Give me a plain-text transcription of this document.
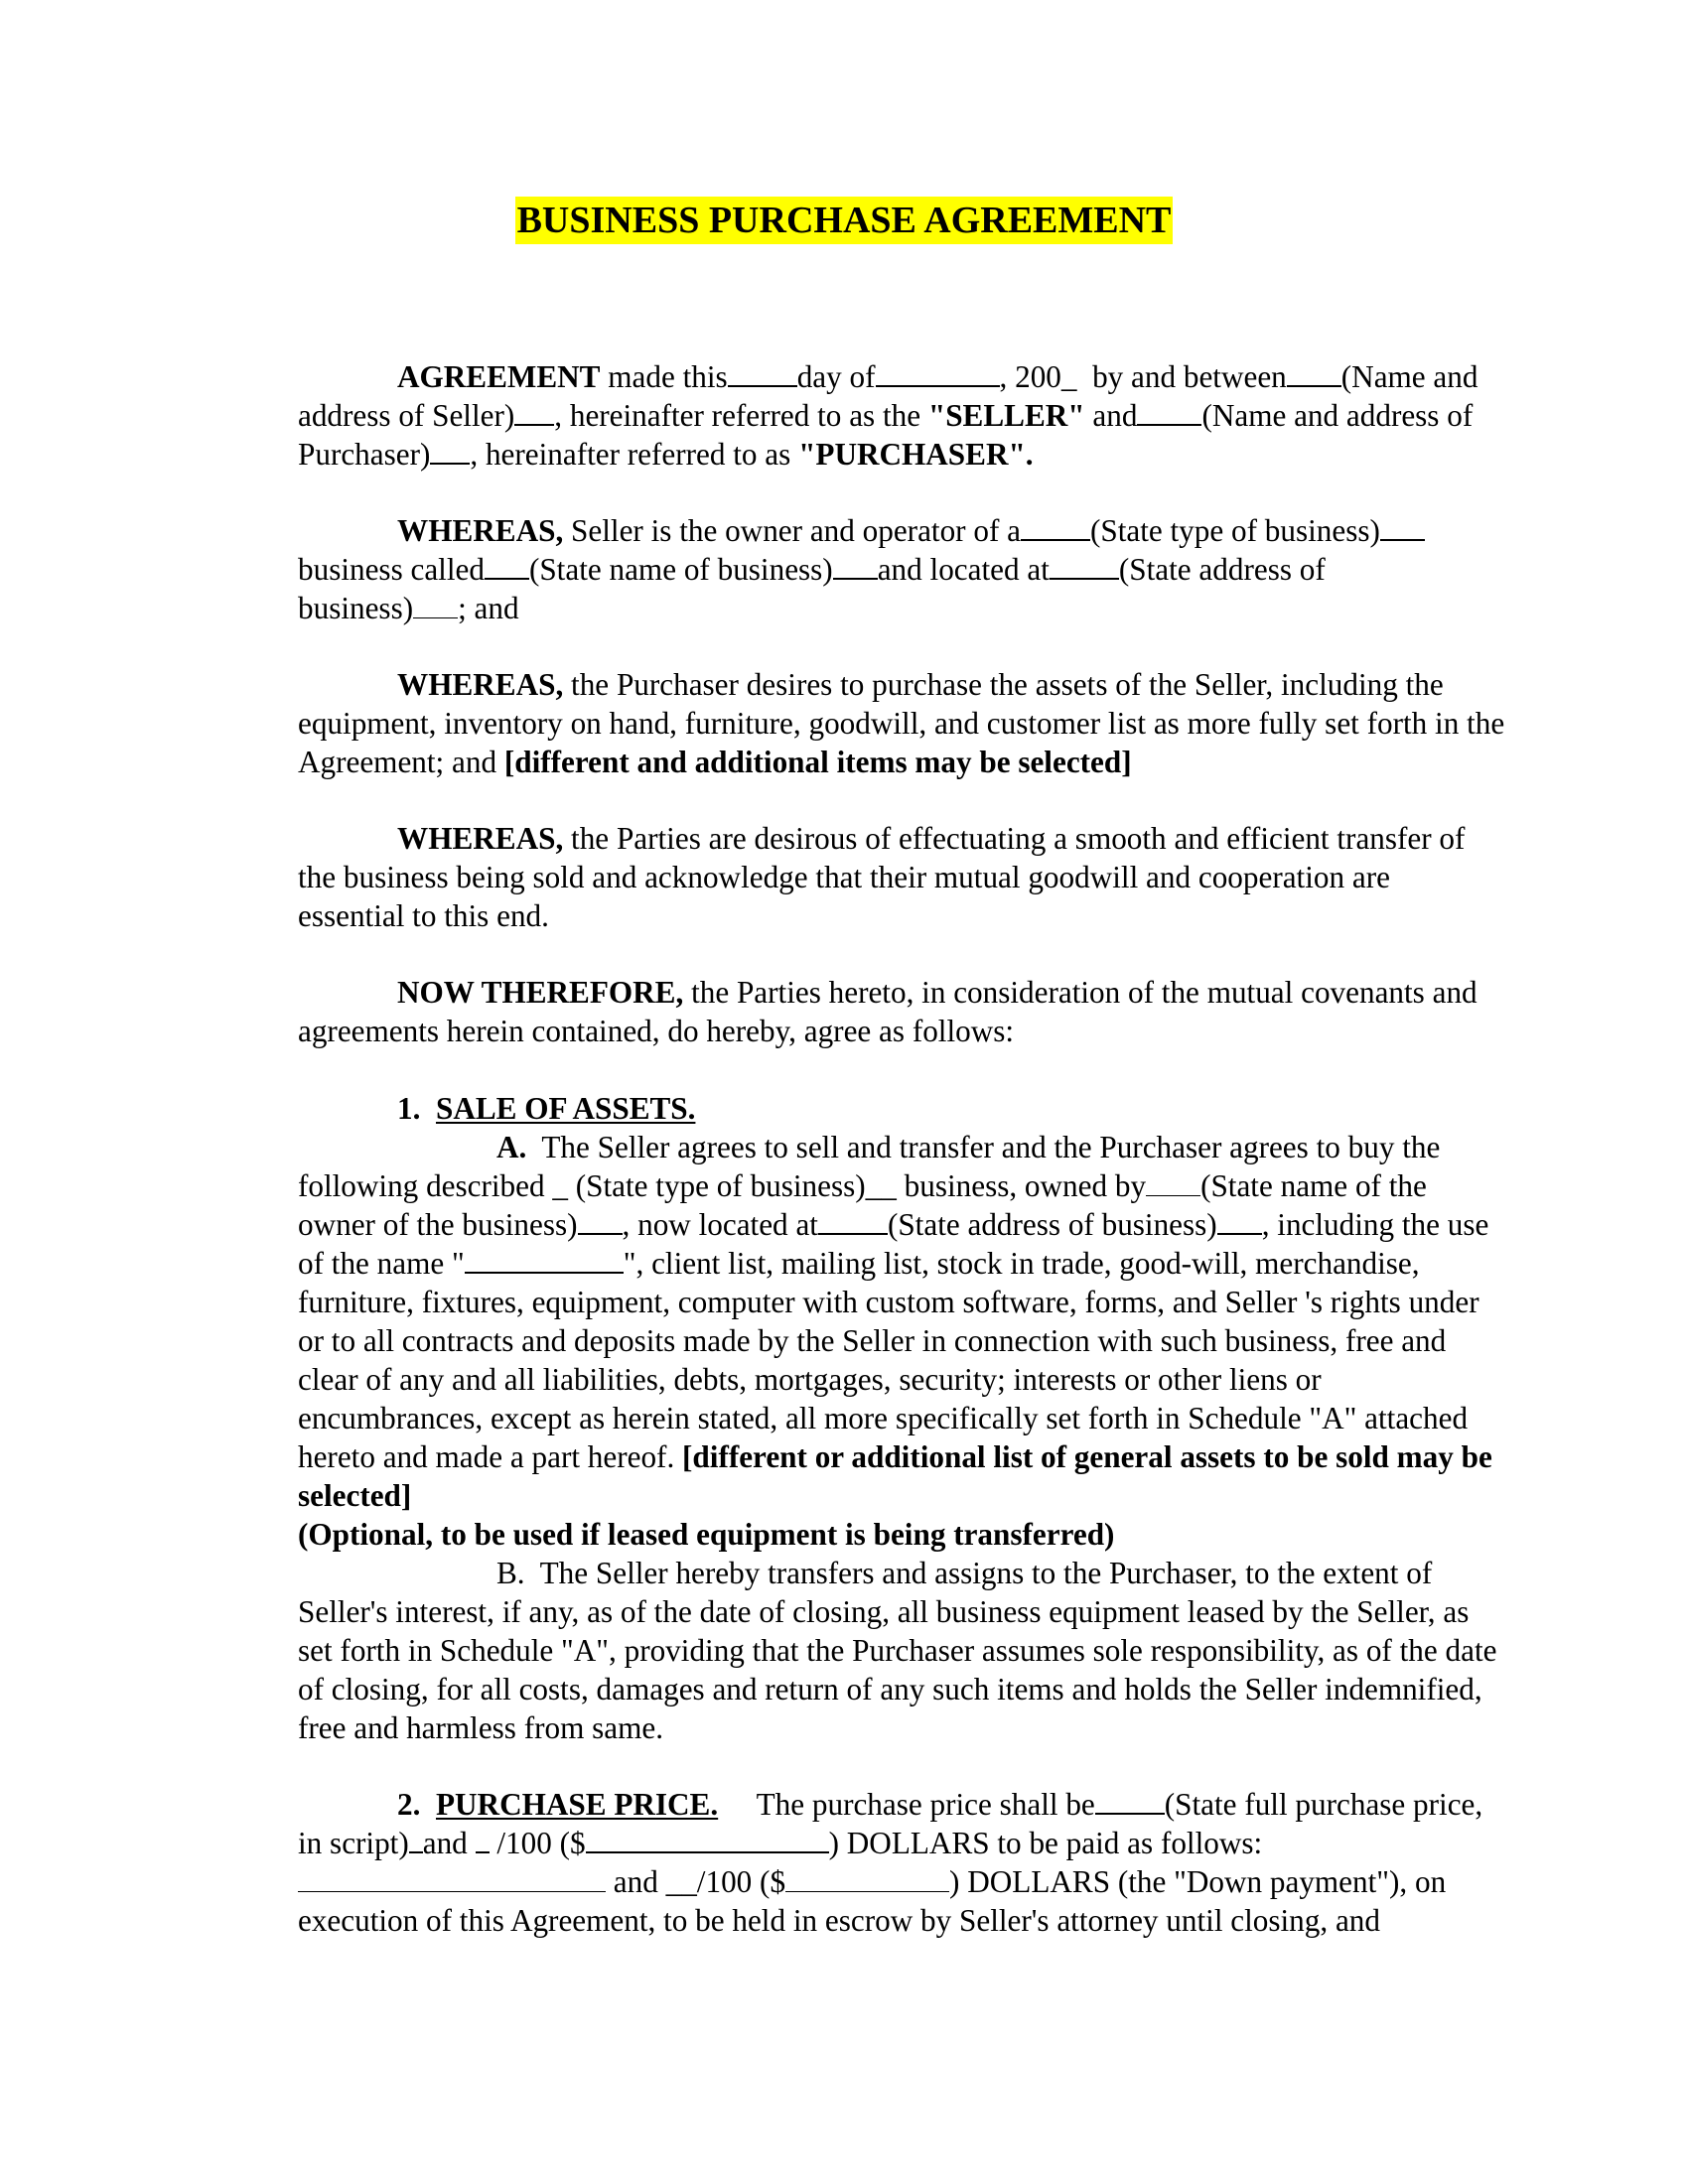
BUSINESS PURCHASE AGREEMENT
AGREEMENT made this day of	, 200_  by and between (Name and
address of Seller) , hereinafter referred to as the "SELLER" and (Name and address of
Purchaser) , hereinafter referred to as "PURCHASER".
WHEREAS, Seller is the owner and operator of a (State type of business)
business called (State name of business) and located at (State address of
business) ; and
WHEREAS, the Purchaser desires to purchase the assets of the Seller, including the
equipment, inventory on hand, furniture, goodwill, and customer list as more fully set forth in the
Agreement; and [different and additional items may be selected]
WHEREAS, the Parties are desirous of effectuating a smooth and efficient transfer of
the business being sold and acknowledge that their mutual goodwill and cooperation are
essential to this end.
NOW THEREFORE, the Parties hereto, in consideration of the mutual covenants and
agreements herein contained, do hereby, agree as follows:
1.  SALE OF ASSETS.
A.  The Seller agrees to sell and transfer and the Purchaser agrees to buy the
following described _ (State type of business)__ business, owned by (State name of the
owner of the business) , now located at (State address of business) , including the use
of the name "	", client list, mailing list, stock in trade, good-will, merchandise,
furniture, fixtures, equipment, computer with custom software, forms, and Seller 's rights under
or to all contracts and deposits made by the Seller in connection with such business, free and
clear of any and all liabilities, debts, mortgages, security; interests or other liens or
encumbrances, except as herein stated, all more specifically set forth in Schedule "A" attached
hereto and made a part hereof. [different or additional list of general assets to be sold may be
selected]
(Optional, to be used if leased equipment is being transferred)
B.  The Seller hereby transfers and assigns to the Purchaser, to the extent of
Seller's interest, if any, as of the date of closing, all business equipment leased by the Seller, as
set forth in Schedule "A", providing that the Purchaser assumes sole responsibility, as of the date
of closing, for all costs, damages and return of any such items and holds the Seller indemnified,
free and harmless from same.
2.  PURCHASE PRICE.     The purchase price shall be (State full purchase price,
in script) and  /100 ($	) DOLLARS to be paid as follows:
and __/100 ($	) DOLLARS (the "Down payment"), on
execution of this Agreement, to be held in escrow by Seller's attorney until closing, and
